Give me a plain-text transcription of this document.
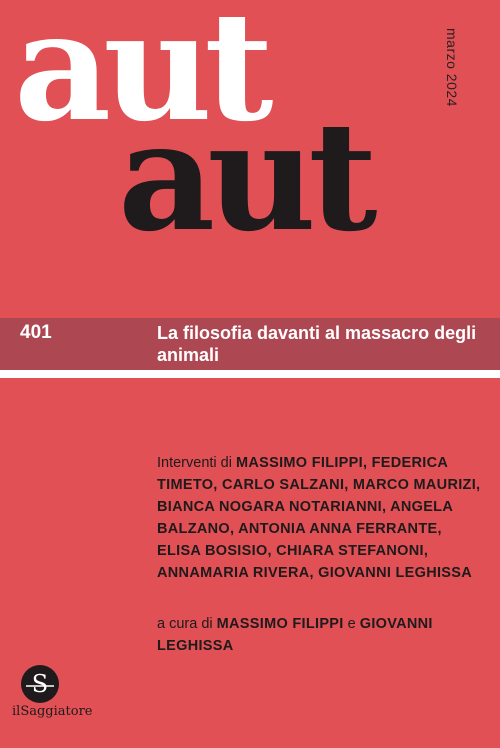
aut
aut
marzo 2024
401	La filosofia davanti al massacro degli animali

Interventi di MASSIMO FILIPPI, FEDERICA TIMETO, CARLO SALZANI, MARCO MAURIZI, BIANCA NOGARA NOTARIANNI, ANGELA BALZANO, ANTONIA ANNA FERRANTE, ELISA BOSISIO, CHIARA STEFANONI, ANNAMARIA RIVERA, GIOVANNI LEGHISSA

a cura di MASSIMO FILIPPI e GIOVANNI LEGHISSA

S
ilSaggiatore
